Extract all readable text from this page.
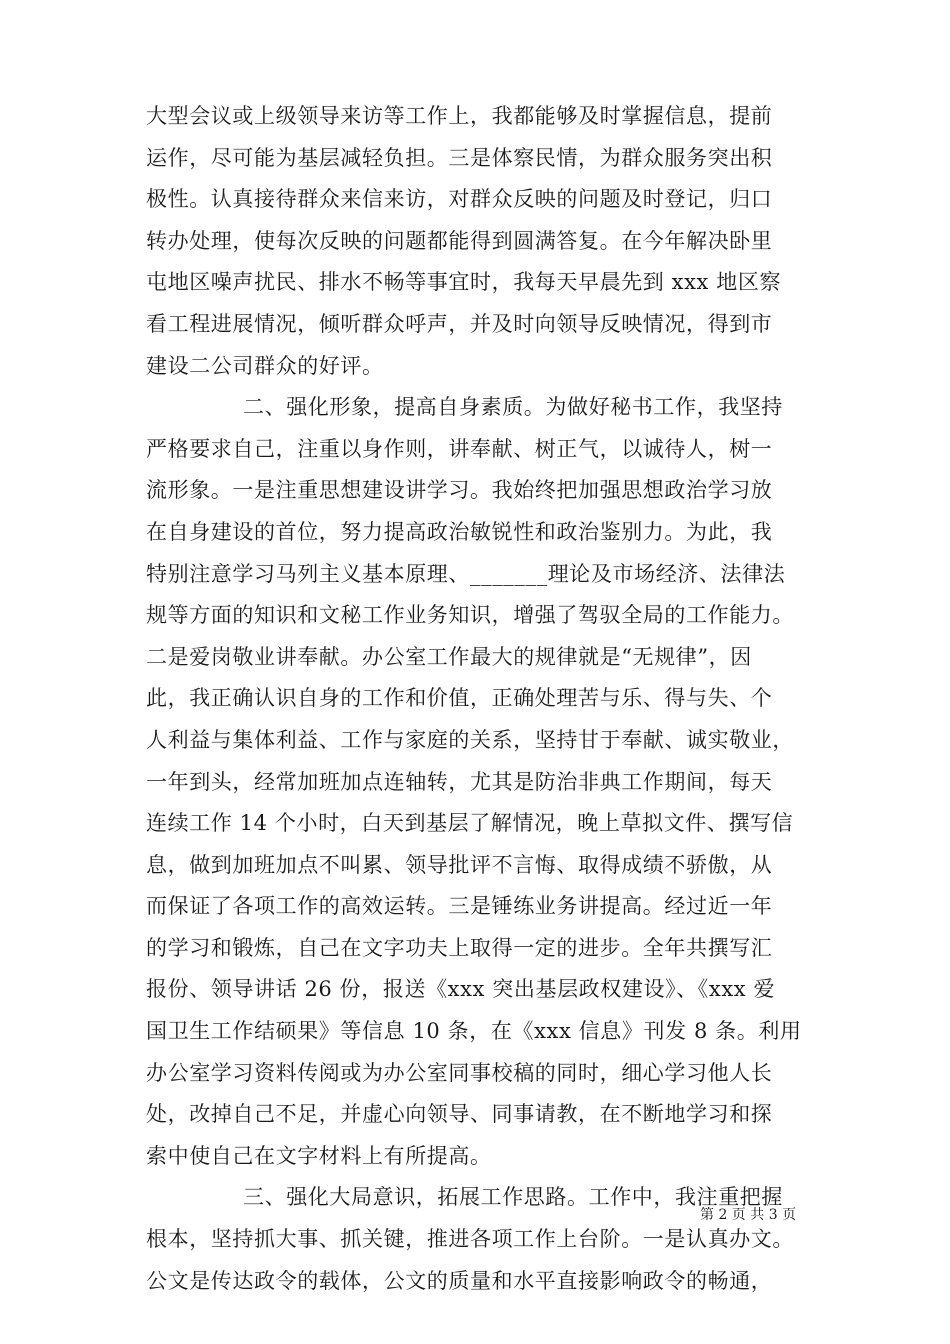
大型会议或上级领导来访等工作上，我都能够及时掌握信息，提前
运作，尽可能为基层减轻负担。三是体察民情，为群众服务突出积
极性。认真接待群众来信来访，对群众反映的问题及时登记，归口
转办处理，使每次反映的问题都能得到圆满答复。在今年解决卧里
屯地区噪声扰民、排水不畅等事宜时，我每天早晨先到 xxx 地区察
看工程进展情况，倾听群众呼声，并及时向领导反映情况，得到市
建设二公司群众的好评。
二、强化形象，提高自身素质。为做好秘书工作，我坚持
严格要求自己，注重以身作则，讲奉献、树正气，以诚待人，树一
流形象。一是注重思想建设讲学习。我始终把加强思想政治学习放
在自身建设的首位，努力提高政治敏锐性和政治鉴别力。为此，我
特别注意学习马列主义基本原理、_______理论及市场经济、法律法
规等方面的知识和文秘工作业务知识，增强了驾驭全局的工作能力。
二是爱岗敬业讲奉献。办公室工作最大的规律就是“无规律”，因
此，我正确认识自身的工作和价值，正确处理苦与乐、得与失、个
人利益与集体利益、工作与家庭的关系，坚持甘于奉献、诚实敬业，
一年到头，经常加班加点连轴转，尤其是防治非典工作期间，每天
连续工作 14 个小时，白天到基层了解情况，晚上草拟文件、撰写信
息，做到加班加点不叫累、领导批评不言悔、取得成绩不骄傲，从
而保证了各项工作的高效运转。三是锤练业务讲提高。经过近一年
的学习和锻炼，自己在文字功夫上取得一定的进步。全年共撰写汇
报份、领导讲话 26 份，报送《xxx 突出基层政权建设》、《xxx 爱
国卫生工作结硕果》等信息 10 条，在《xxx 信息》刊发 8 条。利用
办公室学习资料传阅或为办公室同事校稿的同时，细心学习他人长
处，改掉自己不足，并虚心向领导、同事请教，在不断地学习和探
索中使自己在文字材料上有所提高。
三、强化大局意识，拓展工作思路。工作中，我注重把握
根本，坚持抓大事、抓关键，推进各项工作上台阶。一是认真办文。
公文是传达政令的载体，公文的质量和水平直接影响政令的畅通，
第 2 页 共 3 页
